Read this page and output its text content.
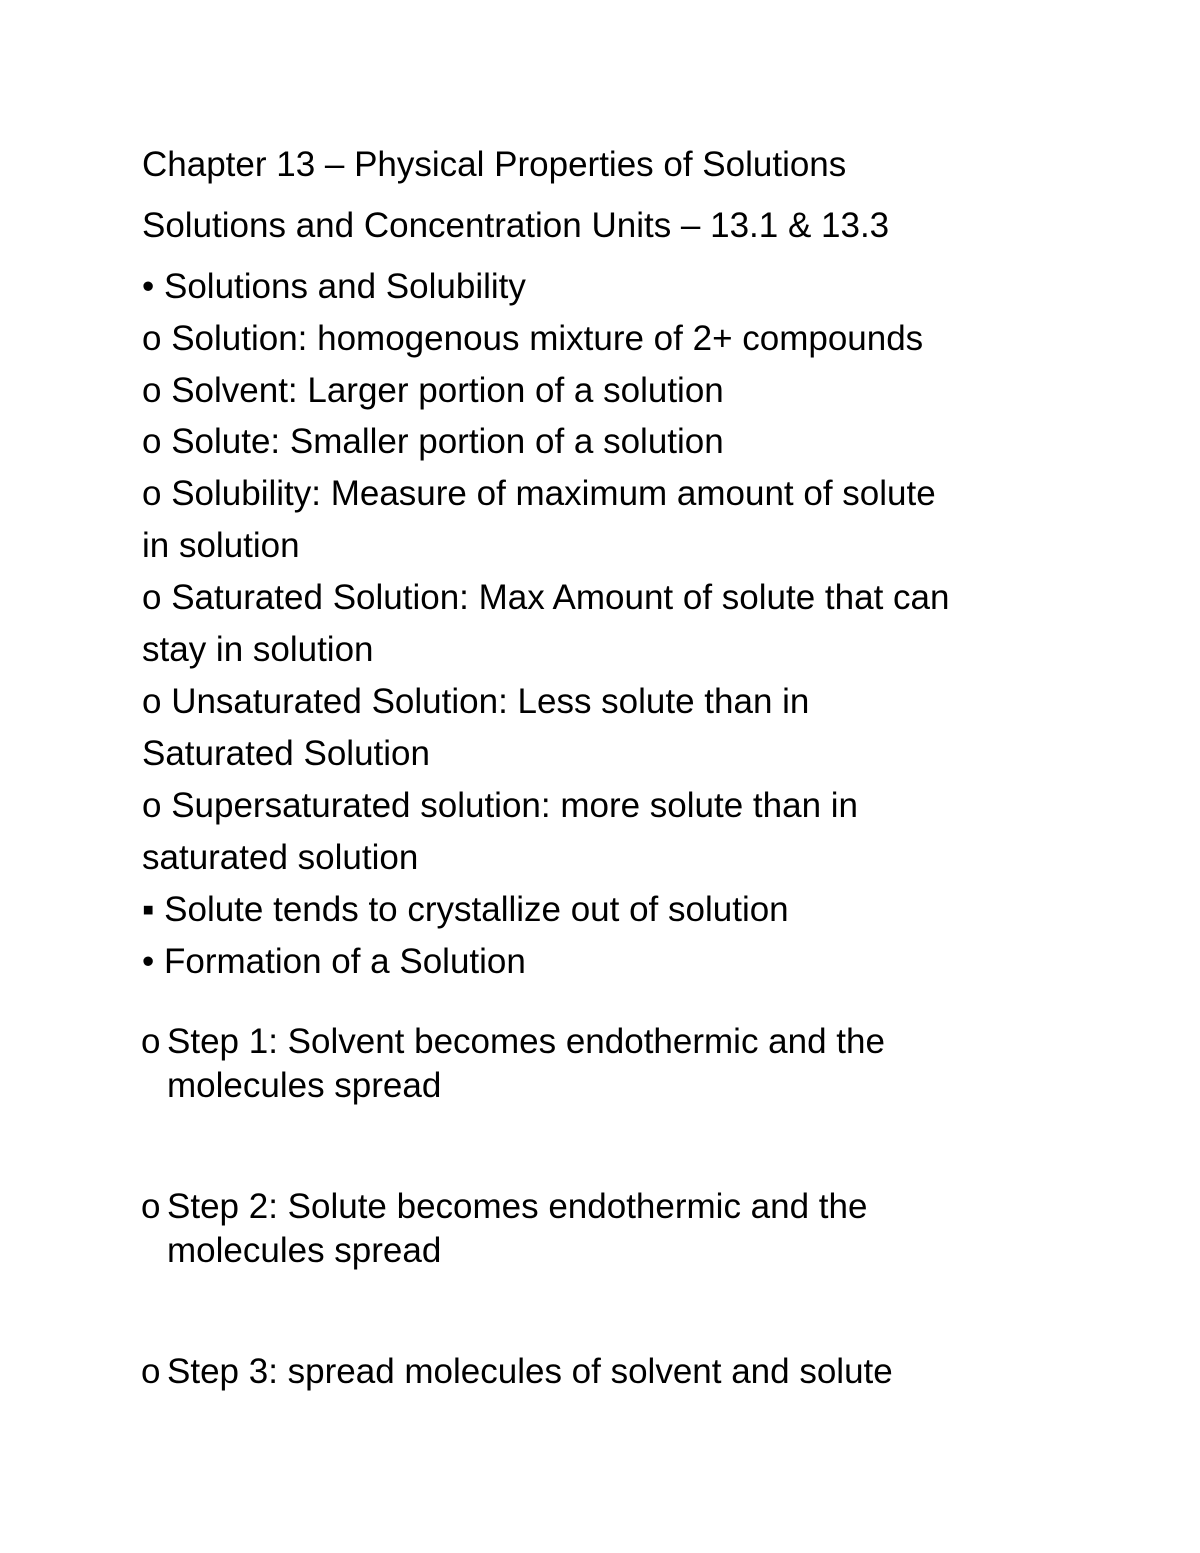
Chapter 13 – Physical Properties of Solutions
Solutions and Concentration Units – 13.1 & 13.3
• Solutions and Solubility
o Solution: homogenous mixture of 2+ compounds
o Solvent: Larger portion of a solution
o Solute: Smaller portion of a solution
o Solubility: Measure of maximum amount of solute
in solution
o Saturated Solution: Max Amount of solute that can
stay in solution
o Unsaturated Solution: Less solute than in
Saturated Solution
o Supersaturated solution: more solute than in
saturated solution
▪ Solute tends to crystallize out of solution
• Formation of a Solution
o Step 1: Solvent becomes endothermic and the
molecules spread
o Step 2: Solute becomes endothermic and the
molecules spread
o Step 3: spread molecules of solvent and solute
